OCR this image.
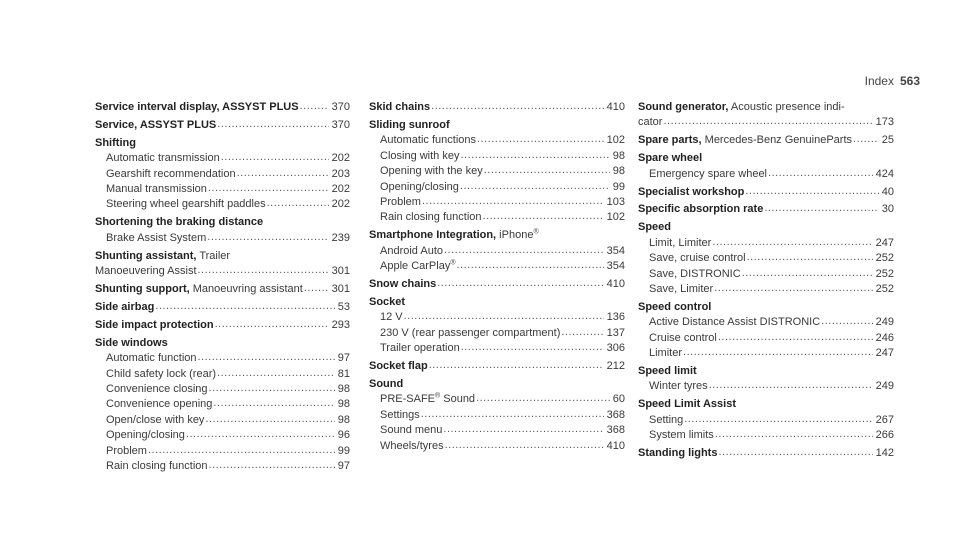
Index 563
Service interval display, ASSYST PLUS .....	370
Service, ASSYST PLUS .....	370
Shifting
Automatic transmission .....	202
Gearshift recommendation .....	203
Manual transmission .....	202
Steering wheel gearshift paddles .....	202
Shortening the braking distance
Brake Assist System .....	239
Shunting assistant, Trailer
Manoeuvering Assist .....	301
Shunting support, Manoeuvring assistant .....	301
Side airbag .....	53
Side impact protection .....	293
Side windows
Automatic function .....	97
Child safety lock (rear) .....	81
Convenience closing .....	98
Convenience opening .....	98
Open/close with key .....	98
Opening/closing .....	96
Problem .....	99
Rain closing function .....	97
Skid chains .....	410
Sliding sunroof
Automatic functions .....	102
Closing with key .....	98
Opening with the key .....	98
Opening/closing .....	99
Problem .....	103
Rain closing function .....	102
Smartphone Integration, iPhone®
Android Auto .....	354
Apple CarPlay® .....	354
Snow chains .....	410
Socket
12 V .....	136
230 V (rear passenger compartment) .....	137
Trailer operation .....	306
Socket flap .....	212
Sound
PRE-SAFE® Sound .....	60
Settings .....	368
Sound menu .....	368
Wheels/tyres .....	410
Sound generator, Acoustic presence indi-
cator .....	173
Spare parts, Mercedes-Benz GenuineParts .....	25
Spare wheel
Emergency spare wheel .....	424
Specialist workshop .....	40
Specific absorption rate .....	30
Speed
Limit, Limiter .....	247
Save, cruise control .....	252
Save, DISTRONIC .....	252
Save, Limiter .....	252
Speed control
Active Distance Assist DISTRONIC .....	249
Cruise control .....	246
Limiter .....	247
Speed limit
Winter tyres .....	249
Speed Limit Assist
Setting .....	267
System limits .....	266
Standing lights .....	142
